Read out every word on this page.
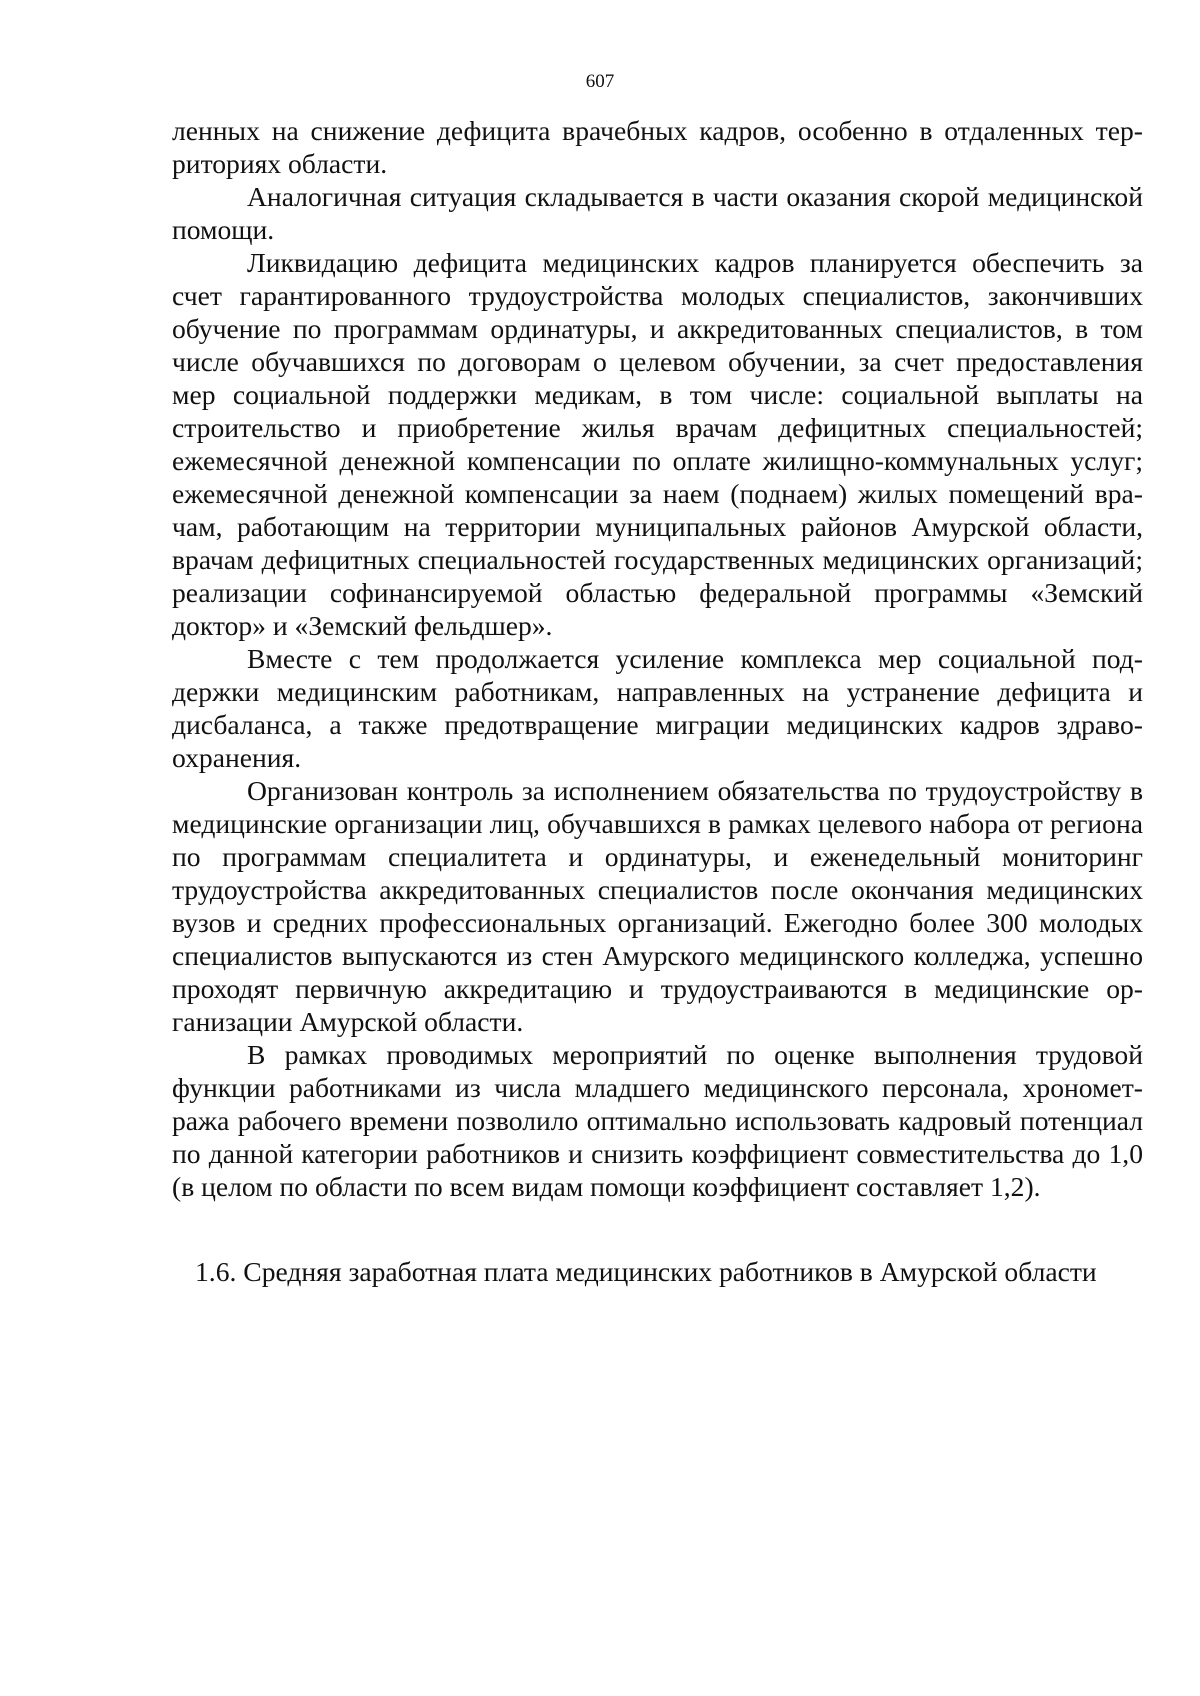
607

ленных на снижение дефицита врачебных кадров, особенно в отдаленных территориях области.

Аналогичная ситуация складывается в части оказания скорой медицинской помощи.

Ликвидацию дефицита медицинских кадров планируется обеспечить за счет гарантированного трудоустройства молодых специалистов, закончивших обучение по программам ординатуры, и аккредитованных специалистов, в том числе обучавшихся по договорам о целевом обучении, за счет предоставления мер социальной поддержки медикам, в том числе: социальной выплаты на строительство и приобретение жилья врачам дефицитных специальностей; ежемесячной денежной компенсации по оплате жилищно-коммунальных услуг; ежемесячной денежной компенсации за наем (поднаем) жилых помещений врачам, работающим на территории муниципальных районов Амурской области, врачам дефицитных специальностей государственных медицинских организаций; реализации софинансируемой областью федеральной программы «Земский доктор» и «Земский фельдшер».

Вместе с тем продолжается усиление комплекса мер социальной поддержки медицинским работникам, направленных на устранение дефицита и дисбаланса, а также предотвращение миграции медицинских кадров здравоохранения.

Организован контроль за исполнением обязательства по трудоустройству в медицинские организации лиц, обучавшихся в рамках целевого набора от региона по программам специалитета и ординатуры, и еженедельный мониторинг трудоустройства аккредитованных специалистов после окончания медицинских вузов и средних профессиональных организаций. Ежегодно более 300 молодых специалистов выпускаются из стен Амурского медицинского колледжа, успешно проходят первичную аккредитацию и трудоустраиваются в медицинские организации Амурской области.

В рамках проводимых мероприятий по оценке выполнения трудовой функции работниками из числа младшего медицинского персонала, хронометража рабочего времени позволило оптимально использовать кадровый потенциал по данной категории работников и снизить коэффициент совместительства до 1,0 (в целом по области по всем видам помощи коэффициент составляет 1,2).

1.6. Средняя заработная плата медицинских работников в Амурской области
